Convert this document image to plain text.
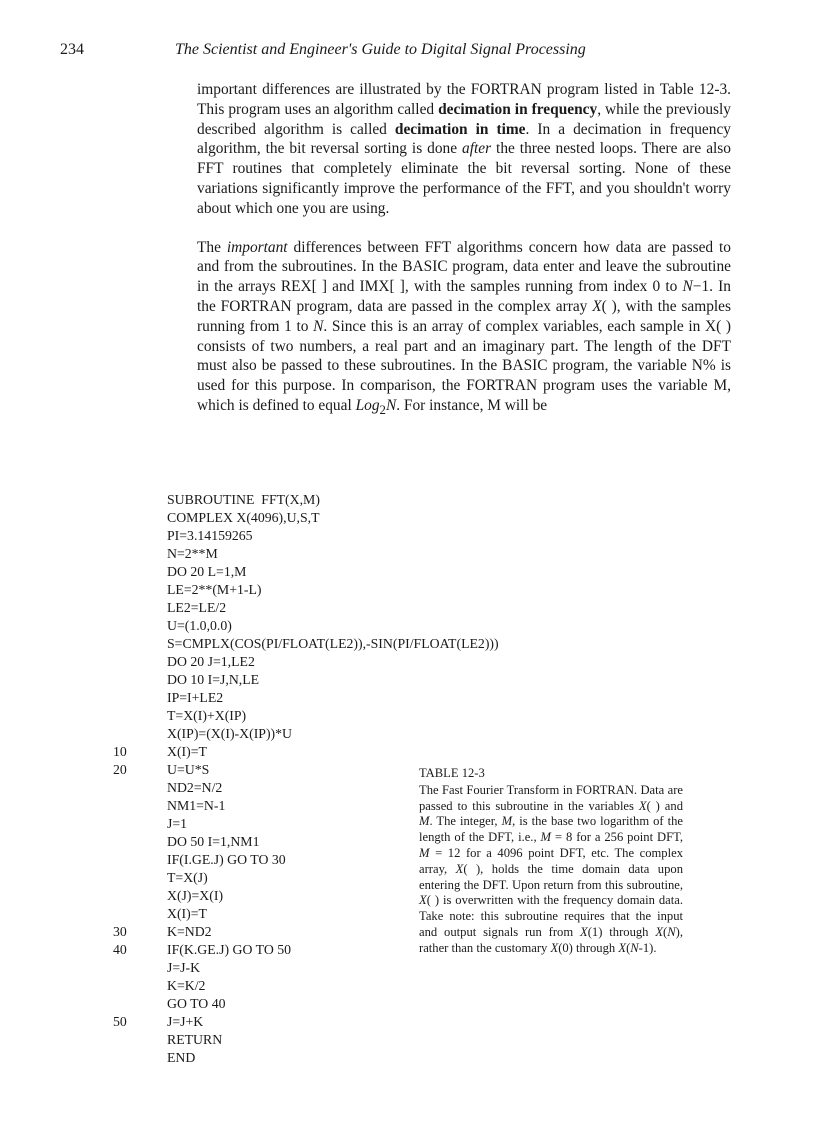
234	The Scientist and Engineer's Guide to Digital Signal Processing

important differences are illustrated by the FORTRAN program listed in Table 12-3. This program uses an algorithm called decimation in frequency, while the previously described algorithm is called decimation in time. In a decimation in frequency algorithm, the bit reversal sorting is done after the three nested loops. There are also FFT routines that completely eliminate the bit reversal sorting. None of these variations significantly improve the performance of the FFT, and you shouldn't worry about which one you are using.

The important differences between FFT algorithms concern how data are passed to and from the subroutines. In the BASIC program, data enter and leave the subroutine in the arrays REX[ ] and IMX[ ], with the samples running from index 0 to N−1. In the FORTRAN program, data are passed in the complex array X( ), with the samples running from 1 to N. Since this is an array of complex variables, each sample in X( ) consists of two numbers, a real part and an imaginary part. The length of the DFT must also be passed to these subroutines. In the BASIC program, the variable N% is used for this purpose. In comparison, the FORTRAN program uses the variable M, which is defined to equal Log$_2$N. For instance, M will be

SUBROUTINE  FFT(X,M)
COMPLEX X(4096),U,S,T
PI=3.14159265
N=2**M
DO 20 L=1,M
LE=2**(M+1-L)
LE2=LE/2
U=(1.0,0.0)
S=CMPLX(COS(PI/FLOAT(LE2)),-SIN(PI/FLOAT(LE2)))
DO 20 J=1,LE2
DO 10 I=J,N,LE
IP=I+LE2
T=X(I)+X(IP)
X(IP)=(X(I)-X(IP))*U
10	X(I)=T
20	U=U*S
ND2=N/2
NM1=N-1
J=1
DO 50 I=1,NM1
IF(I.GE.J) GO TO 30
T=X(J)
X(J)=X(I)
X(I)=T
30	K=ND2
40	IF(K.GE.J) GO TO 50
J=J-K
K=K/2
GO TO 40
50	J=J+K
RETURN
END
TABLE 12-3
The Fast Fourier Transform in FORTRAN. Data are passed to this subroutine in the variables X( ) and M. The integer, M, is the base two logarithm of the length of the DFT, i.e., M = 8 for a 256 point DFT, M = 12 for a 4096 point DFT, etc. The complex array, X( ), holds the time domain data upon entering the DFT. Upon return from this subroutine, X( ) is overwritten with the frequency domain data. Take note: this subroutine requires that the input and output signals run from X(1) through X(N), rather than the customary X(0) through X(N-1).
